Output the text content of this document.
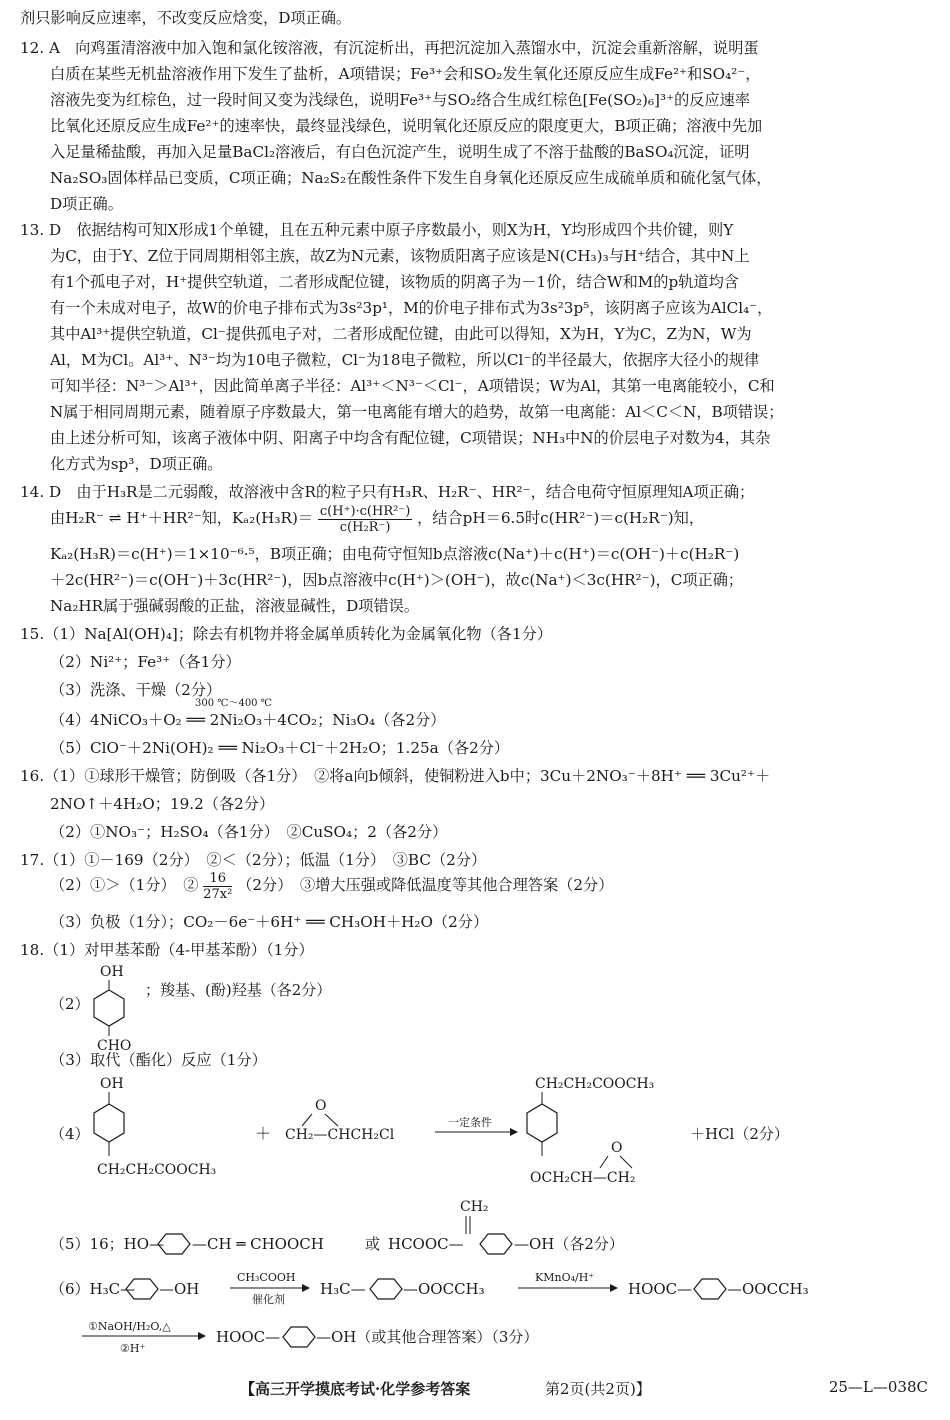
剂只影响反应速率，不改变反应焓变，D项正确。
12. A　向鸡蛋清溶液中加入饱和氯化铵溶液，有沉淀析出，再把沉淀加入蒸馏水中，沉淀会重新溶解，说明蛋
白质在某些无机盐溶液作用下发生了盐析，A项错误；Fe³⁺会和SO₂发生氧化还原反应生成Fe²⁺和SO₄²⁻，
溶液先变为红棕色，过一段时间又变为浅绿色，说明Fe³⁺与SO₂络合生成红棕色[Fe(SO₂)₆]³⁺的反应速率
比氧化还原反应生成Fe²⁺的速率快，最终显浅绿色，说明氧化还原反应的限度更大，B项正确；溶液中先加
入足量稀盐酸，再加入足量BaCl₂溶液后，有白色沉淀产生，说明生成了不溶于盐酸的BaSO₄沉淀，证明
Na₂SO₃固体样品已变质，C项正确；Na₂S₂在酸性条件下发生自身氧化还原反应生成硫单质和硫化氢气体，
D项正确。
13. D　依据结构可知X形成1个单键，且在五种元素中原子序数最小，则X为H，Y均形成四个共价键，则Y
为C，由于Y、Z位于同周期相邻主族，故Z为N元素，该物质阳离子应该是N(CH₃)₃与H⁺结合，其中N上
有1个孤电子对，H⁺提供空轨道，二者形成配位键，该物质的阴离子为－1价，结合W和M的p轨道均含
有一个未成对电子，故W的价电子排布式为3s²3p¹，M的价电子排布式为3s²3p⁵，该阴离子应该为AlCl₄⁻，
其中Al³⁺提供空轨道，Cl⁻提供孤电子对，二者形成配位键，由此可以得知，X为H，Y为C，Z为N，W为
Al，M为Cl。Al³⁺、N³⁻均为10电子微粒，Cl⁻为18电子微粒，所以Cl⁻的半径最大，依据序大径小的规律
可知半径：N³⁻＞Al³⁺，因此简单离子半径：Al³⁺＜N³⁻＜Cl⁻，A项错误；W为Al，其第一电离能较小，C和
N属于相同周期元素，随着原子序数最大，第一电离能有增大的趋势，故第一电离能：Al＜C＜N，B项错误；
由上述分析可知，该离子液体中阴、阳离子中均含有配位键，C项错误；NH₃中N的价层电子对数为4，其杂
化方式为sp³，D项正确。
14. D　由于H₃R是二元弱酸，故溶液中含R的粒子只有H₃R、H₂R⁻、HR²⁻，结合电荷守恒原理知A项正确；
由H₂R⁻ ⇌ H⁺＋HR²⁻知，$K_{a2}(H_3R)= \frac{\text{c(H⁺)·c(HR²⁻)}}{\text{c(H₂R⁻)}}$ ，结合pH＝6.5时c(HR²⁻)＝c(H₂R⁻)知，
Kₐ₂(H₃R)＝c(H⁺)＝1×10⁻⁶·⁵，B项正确；由电荷守恒知b点溶液c(Na⁺)＋c(H⁺)＝c(OH⁻)＋c(H₂R⁻)
＋2c(HR²⁻)＝c(OH⁻)＋3c(HR²⁻)，因b点溶液中c(H⁺)＞(OH⁻)，故c(Na⁺)＜3c(HR²⁻)，C项正确；
Na₂HR属于强碱弱酸的正盐，溶液显碱性，D项错误。
15.（1）Na[Al(OH)₄]；除去有机物并将金属单质转化为金属氧化物（各1分）
（2）Ni²⁺；Fe³⁺（各1分）
（3）洗涤、干燥（2分）
300 ℃～400 ℃
（4）4NiCO₃＋O₂ ══ 2Ni₂O₃＋4CO₂；Ni₃O₄（各2分）
（5）ClO⁻＋2Ni(OH)₂ ══ Ni₂O₃＋Cl⁻＋2H₂O；1.25a（各2分）
16.（1）①球形干燥管；防倒吸（各1分）　②将a向b倾斜，使铜粉进入b中；3Cu＋2NO₃⁻＋8H⁺ ══ 3Cu²⁺＋
2NO↑＋4H₂O；19.2（各2分）
（2）①NO₃⁻；H₂SO₄（各1分）　②CuSO₄；2（各2分）
17.（1）①－169（2分）　②＜（2分）；低温（1分）　③BC（2分）
（2）①＞（1分）　② $\frac{16}{\text{27x²}} (2$分）　③增大压强或降低温度等其他合理答案（2分）
（3）负极（1分）；CO₂－6e⁻＋6H⁺ ══ CH₃OH＋H₂O（2分）
18.（1）对甲基苯酚（4-甲基苯酚）（1分）
（2）
OH
CHO
；羧基、(酚)羟基（各2分）
（3）取代（酯化）反应（1分）
（4）
OH
CH₂CH₂COOCH₃
＋
O
CH₂—CHCH₂Cl
一定条件
CH₂CH₂COOCH₃
O
OCH₂CH—CH₂
＋HCl（2分）
（5）16；HO— —CH ═ CHOOCH	或 HCOOC—
CH₂
—OH（各2分）
（6）H₃C— —OH
CH₃COOH
催化剂
H₃C— —OOCCH₃
KMnO₄/H⁺
HOOC— —OOCCH₃
①NaOH/H₂O,△
②H⁺
HOOC— —OH（或其他合理答案）（3分）
【高三开学摸底考试·化学参考答案	第2页(共2页)】	25—L—038C
